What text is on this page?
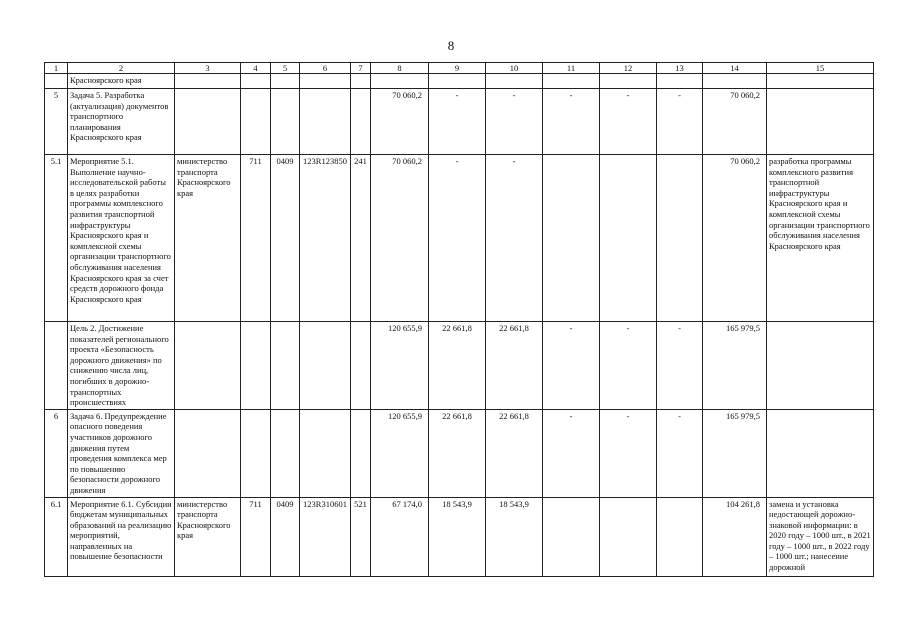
8
1	2	3	4	5	6	7	8	9	10	11	12	13	14	15
	Красноярского края													
5	Задача 5. Разработка (актуализация) документов транспортного планирования Красноярского края						70 060,2	-	-	-	-	-	70 060,2	
5.1	Мероприятие 5.1. Выполнение научно-исследовательской работы в целях разработки программы комплексного развития транспортной инфраструктуры Красноярского края и комплексной схемы организации транспортного обслуживания населения Красноярского края за счет средств дорожного фонда Красноярского края	министерство транспорта Красноярского края	711	0409	123R123850	241	70 060,2	-	-				70 060,2	разработка программы комплексного развития транспортной инфраструктуры Красноярского края и комплексной схемы организации транспортного обслуживания населения Красноярского края
	Цель 2. Достижение показателей регионального проекта «Безопасность дорожного движения» по снижению числа лиц, погибших в дорожно-транспортных происшествиях						120 655,9	22 661,8	22 661,8	-	-	-	165 979,5	
6	Задача 6. Предупреждение опасного поведения участников дорожного движения путем проведения комплекса мер по повышению безопасности дорожного движения						120 655,9	22 661,8	22 661,8	-	-	-	165 979,5	
6.1	Мероприятие 6.1. Субсидии бюджетам муниципальных образований на реализацию мероприятий, направленных на повышение безопасности	министерство транспорта Красноярского края	711	0409	123R310601	521	67 174,0	18 543,9	18 543,9				104 261,8	замена и установка недостающей дорожно-знаковой информации: в 2020 году – 1000 шт., в 2021 году – 1000 шт., в 2022 году – 1000 шт.; нанесение дорожной
